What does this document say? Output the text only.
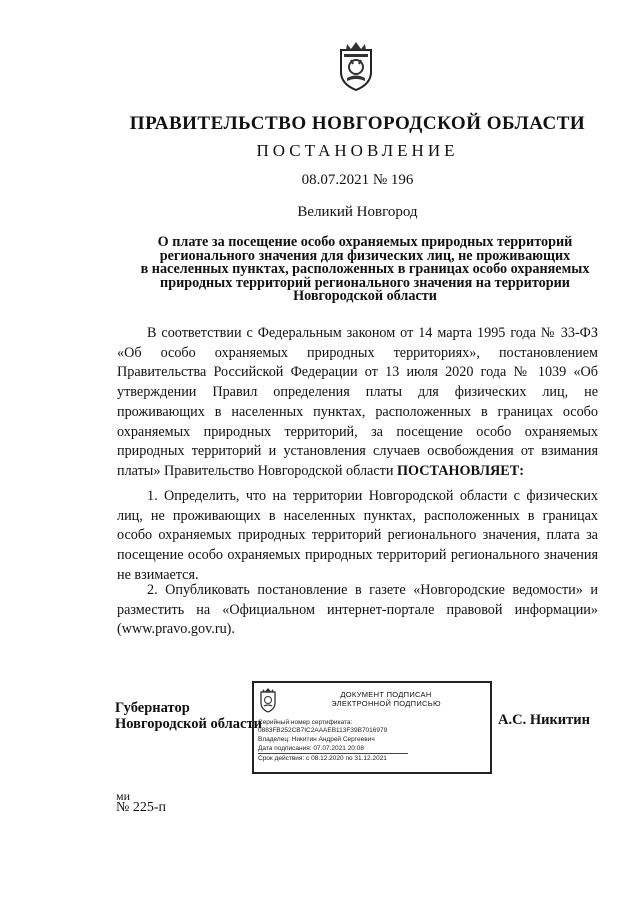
ПРАВИТЕЛЬСТВО НОВГОРОДСКОЙ ОБЛАСТИ
ПОСТАНОВЛЕНИЕ
08.07.2021 № 196
Великий Новгород
О плате за посещение особо охраняемых природных территорий
регионального значения для физических лиц, не проживающих
в населенных пунктах, расположенных в границах особо охраняемых
природных территорий регионального значения на территории
Новгородской области
В соответствии с Федеральным законом от 14 марта 1995 года № 33-ФЗ «Об особо охраняемых природных территориях», постановлением Правительства Российской Федерации от 13 июля 2020 года № 1039 «Об утверждении Правил определения платы для физических лиц, не проживающих в населенных пунктах, расположенных в границах особо охраняемых природных территорий, за посещение особо охраняемых природных территорий и установления случаев освобождения от взимания платы» Правительство Новгородской области ПОСТАНОВЛЯЕТ:
1. Определить, что на территории Новгородской области с физических лиц, не проживающих в населенных пунктах, расположенных в границах особо охраняемых природных территорий регионального значения, плата за посещение особо охраняемых природных территорий регионального значения не взимается.
2. Опубликовать постановление в газете «Новгородские ведомости» и разместить на «Официальном интернет-портале правовой информации» (www.pravo.gov.ru).
Губернатор
Новгородской области
ДОКУМЕНТ ПОДПИСАН
ЭЛЕКТРОННОЙ ПОДПИСЬЮ
Серийный номер сертификата:
0883FB252CB7IC2AAAEB113F39B7016979
Владелец: Никитин Андрей Сергеевич
Дата подписания: 07.07.2021 20:08
Срок действия: с 08.12.2020 по 31.12.2021
А.С. Никитин
ми
№ 225-п
